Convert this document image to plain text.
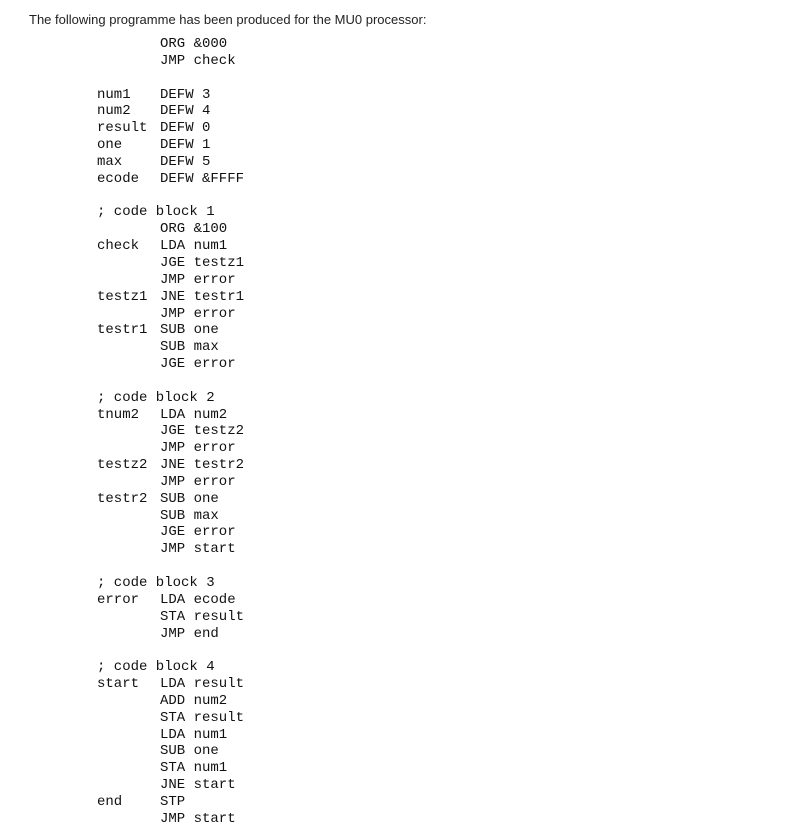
The following programme has been produced for the MU0 processor:
ORG &000
JMP check
num1	DEFW 3
num2	DEFW 4
result DEFW 0
one	DEFW 1
max	DEFW 5
ecode	DEFW &FFFF
; code block 1
ORG &100
check	LDA num1
JGE testz1
JMP error
testz1 JNE testr1
JMP error
testr1 SUB one
SUB max
JGE error
; code block 2
tnum2	LDA num2
JGE testz2
JMP error
testz2 JNE testr2
JMP error
testr2 SUB one
SUB max
JGE error
JMP start
; code block 3
error	LDA ecode
STA result
JMP end
; code block 4
start	LDA result
ADD num2
STA result
LDA num1
SUB one
STA num1
JNE start
end	STP
JMP start
